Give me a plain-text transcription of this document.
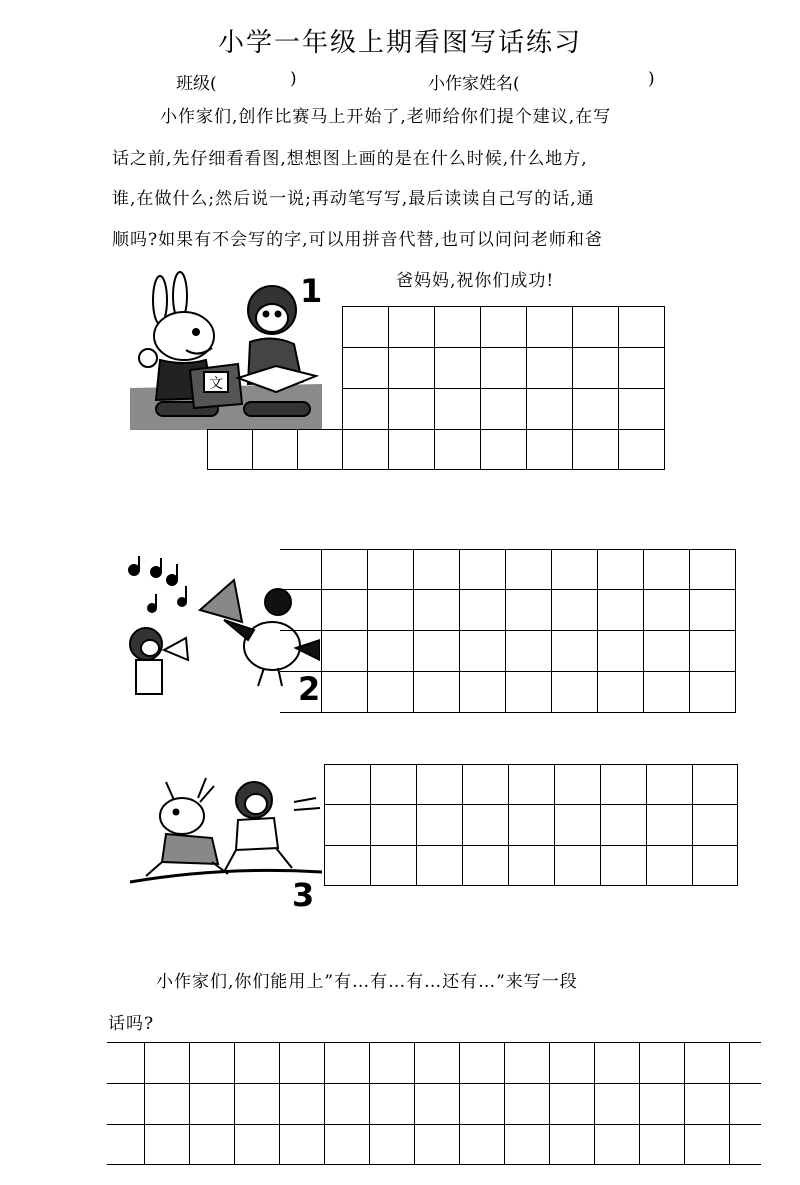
小学一年级上期看图写话练习
班级(	)	小作家姓名(	)
小作家们,创作比赛马上开始了,老师给你们提个建议,在写
话之前,先仔细看看图,想想图上画的是在什么时候,什么地方,
谁,在做什么;然后说一说;再动笔写写,最后读读自己写的话,通
顺吗?如果有不会写的字,可以用拼音代替,也可以问问老师和爸
爸妈妈,祝你们成功!
文
1
2
3
小作家们,你们能用上”有…有…有…还有…”来写一段
话吗?
